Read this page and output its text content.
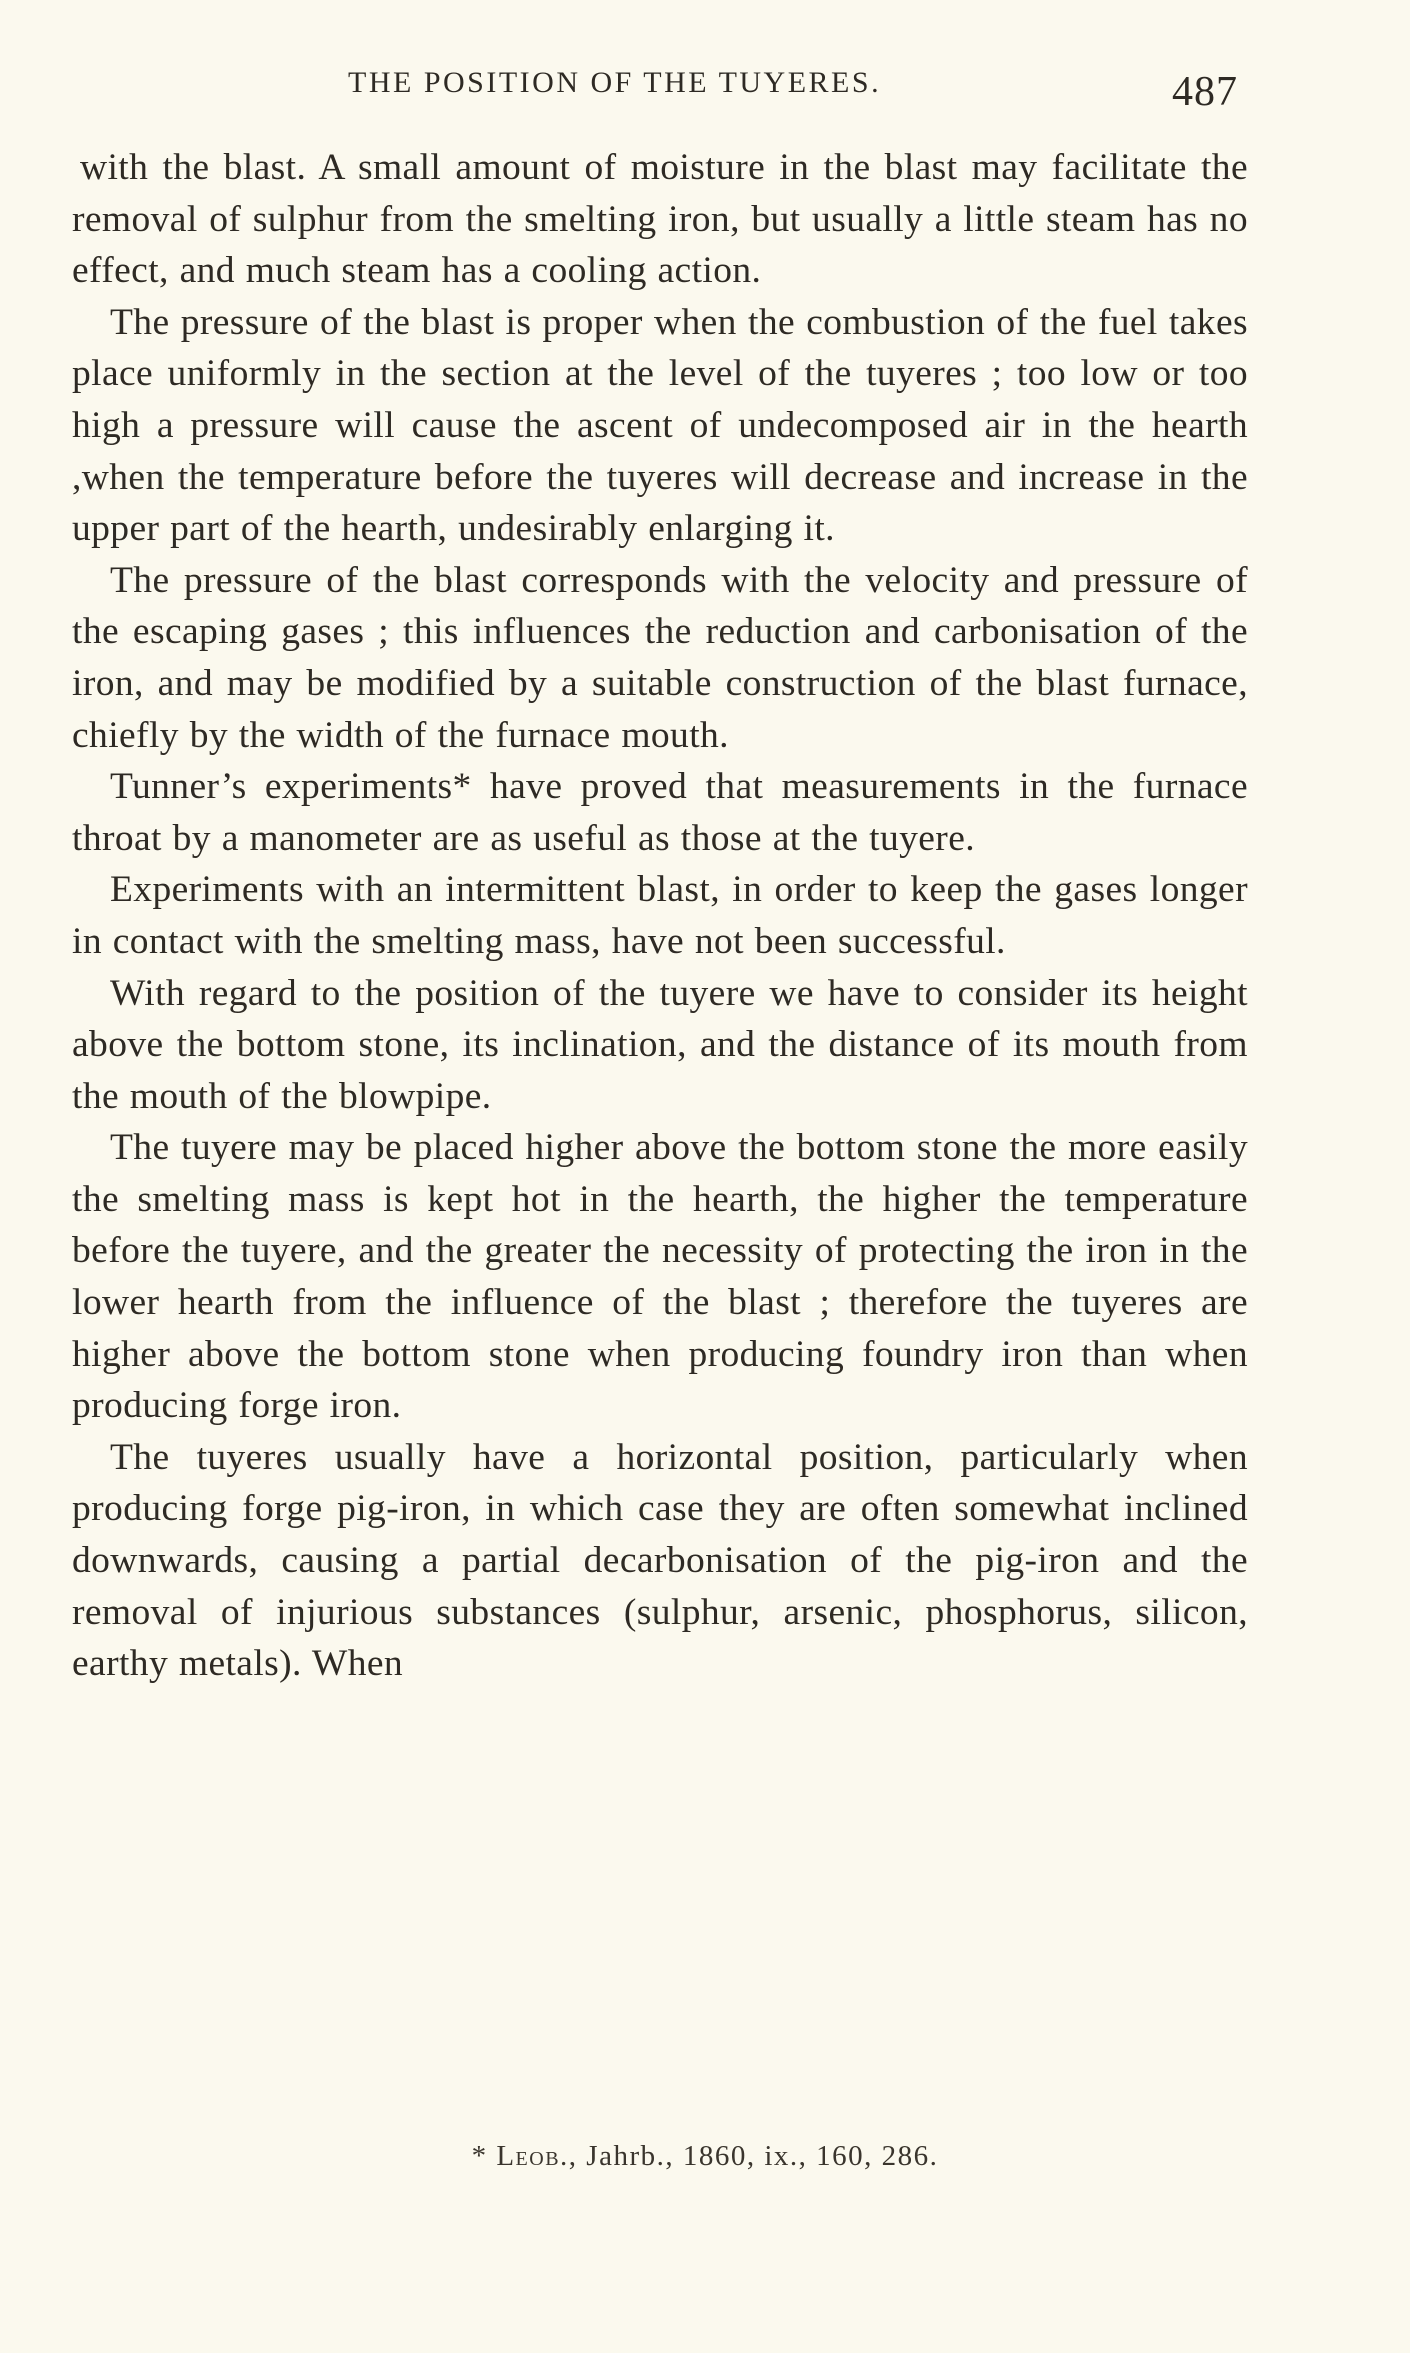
THE POSITION OF THE TUYERES.	487

with the blast. A small amount of moisture in the blast may facilitate the removal of sulphur from the smelting iron, but usually a little steam has no effect, and much steam has a cooling action.

The pressure of the blast is proper when the combustion of the fuel takes place uniformly in the section at the level of the tuyeres ; too low or too high a pressure will cause the ascent of undecomposed air in the hearth ,when the temperature before the tuyeres will decrease and increase in the upper part of the hearth, undesirably enlarging it.

The pressure of the blast corresponds with the velocity and pressure of the escaping gases ; this influences the reduction and carbonisation of the iron, and may be modified by a suitable construction of the blast furnace, chiefly by the width of the furnace mouth.

Tunner’s experiments* have proved that measurements in the furnace throat by a manometer are as useful as those at the tuyere.

Experiments with an intermittent blast, in order to keep the gases longer in contact with the smelting mass, have not been successful.

With regard to the position of the tuyere we have to consider its height above the bottom stone, its inclination, and the distance of its mouth from the mouth of the blowpipe.

The tuyere may be placed higher above the bottom stone the more easily the smelting mass is kept hot in the hearth, the higher the temperature before the tuyere, and the greater the necessity of protecting the iron in the lower hearth from the influence of the blast ; therefore the tuyeres are higher above the bottom stone when producing foundry iron than when producing forge iron.

The tuyeres usually have a horizontal position, particularly when producing forge pig-iron, in which case they are often somewhat inclined downwards, causing a partial decarbonisation of the pig-iron and the removal of injurious substances (sulphur, arsenic, phosphorus, silicon, earthy metals). When

* Leob., Jahrb., 1860, ix., 160, 286.
